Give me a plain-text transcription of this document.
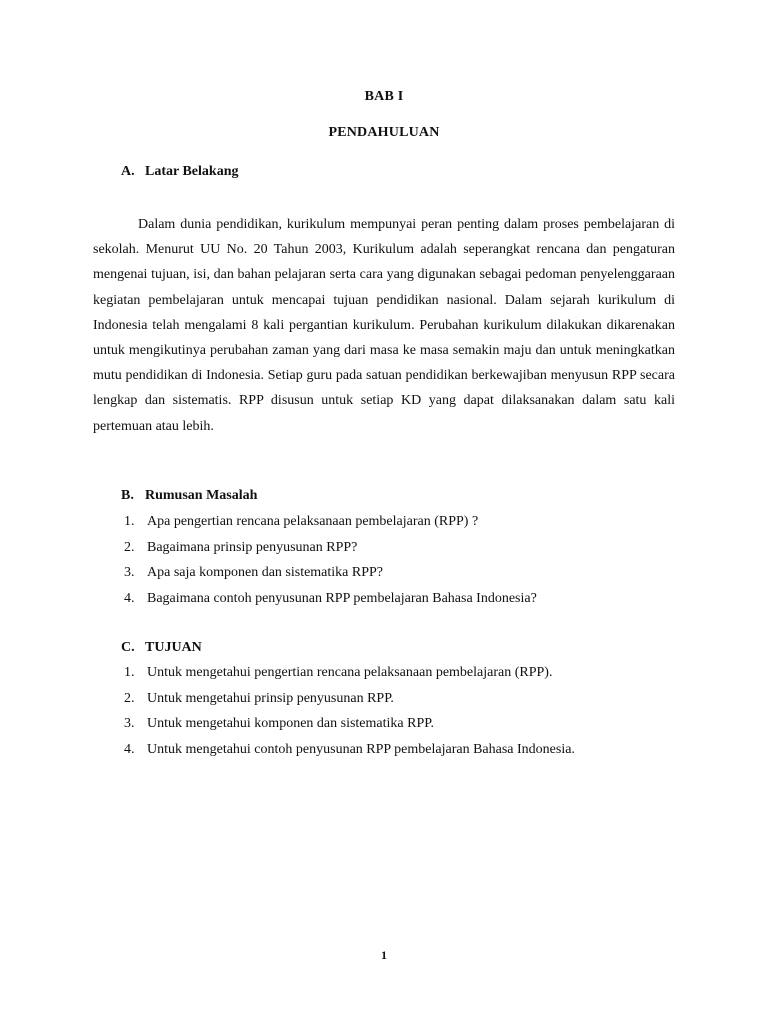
BAB I
PENDAHULUAN
A. Latar Belakang

Dalam dunia pendidikan, kurikulum mempunyai peran penting dalam proses pembelajaran di sekolah. Menurut UU No. 20 Tahun 2003, Kurikulum adalah seperangkat rencana dan pengaturan mengenai tujuan, isi, dan bahan pelajaran serta cara yang digunakan sebagai pedoman penyelenggaraan kegiatan pembelajaran untuk mencapai tujuan pendidikan nasional. Dalam sejarah kurikulum di Indonesia telah mengalami 8 kali pergantian kurikulum. Perubahan kurikulum dilakukan dikarenakan untuk mengikutinya perubahan zaman yang dari masa ke masa semakin maju dan untuk meningkatkan mutu pendidikan di Indonesia. Setiap guru pada satuan pendidikan berkewajiban menyusun RPP secara lengkap dan sistematis. RPP disusun untuk setiap KD yang dapat dilaksanakan dalam satu kali pertemuan atau lebih.

B. Rumusan Masalah
1. Apa pengertian rencana pelaksanaan pembelajaran (RPP) ?
2. Bagaimana prinsip penyusunan RPP?
3. Apa saja komponen dan sistematika RPP?
4. Bagaimana contoh penyusunan RPP pembelajaran Bahasa Indonesia?
C. TUJUAN
1. Untuk mengetahui pengertian rencana pelaksanaan pembelajaran (RPP).
2. Untuk mengetahui prinsip penyusunan RPP.
3. Untuk mengetahui komponen dan sistematika RPP.
4. Untuk mengetahui contoh penyusunan RPP pembelajaran Bahasa Indonesia.
1
